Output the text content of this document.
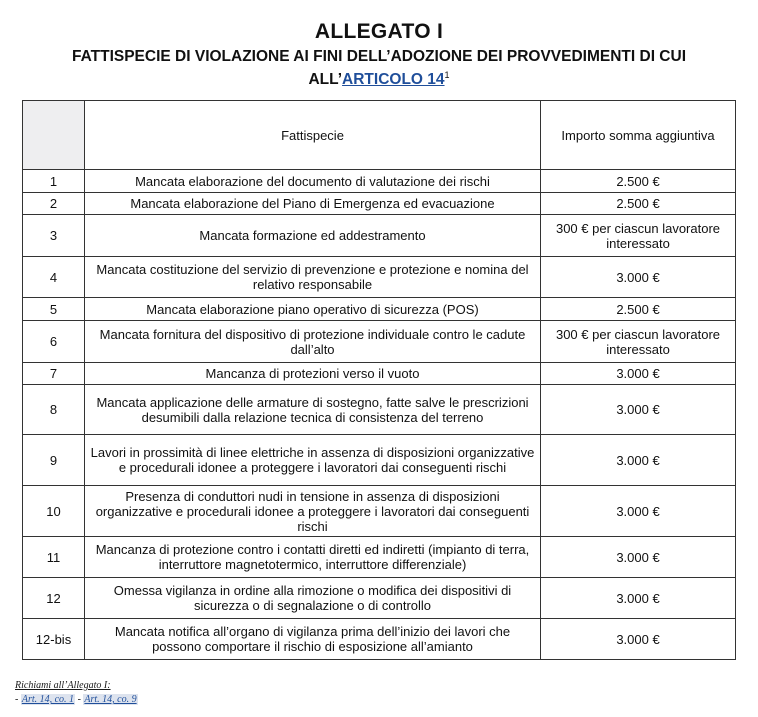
ALLEGATO I
FATTISPECIE DI VIOLAZIONE AI FINI DELL’ADOZIONE DEI PROVVEDIMENTI DI CUI
ALL’ARTICOLO $14^1$
	Fattispecie	Importo somma aggiuntiva
1	Mancata elaborazione del documento di valutazione dei rischi	2.500 €
2	Mancata elaborazione del Piano di Emergenza ed evacuazione	2.500 €
3	Mancata formazione ed addestramento	300 € per ciascun lavoratore interessato
4	Mancata costituzione del servizio di prevenzione e protezione e nomina del relativo responsabile	3.000 €
5	Mancata elaborazione piano operativo di sicurezza (POS)	2.500 €
6	Mancata fornitura del dispositivo di protezione individuale contro le cadute dall’alto	300 € per ciascun lavoratore interessato
7	Mancanza di protezioni verso il vuoto	3.000 €
8	Mancata applicazione delle armature di sostegno, fatte salve le prescrizioni desumibili dalla relazione tecnica di consistenza del terreno	3.000 €
9	Lavori in prossimità di linee elettriche in assenza di disposizioni organizzative e procedurali idonee a proteggere i lavoratori dai conseguenti rischi	3.000 €
10	Presenza di conduttori nudi in tensione in assenza di disposizioni organizzative e procedurali idonee a proteggere i lavoratori dai conseguenti rischi	3.000 €
11	Mancanza di protezione contro i contatti diretti ed indiretti (impianto di terra, interruttore magnetotermico, interruttore differenziale)	3.000 €
12	Omessa vigilanza in ordine alla rimozione o modifica dei dispositivi di sicurezza o di segnalazione o di controllo	3.000 €
12-bis	Mancata notifica all’organo di vigilanza prima dell’inizio dei lavori che possono comportare il rischio di esposizione all’amianto	3.000 €
Richiami all’Allegato I:
- Art. 14, co. 1 - Art. 14, co. 9
